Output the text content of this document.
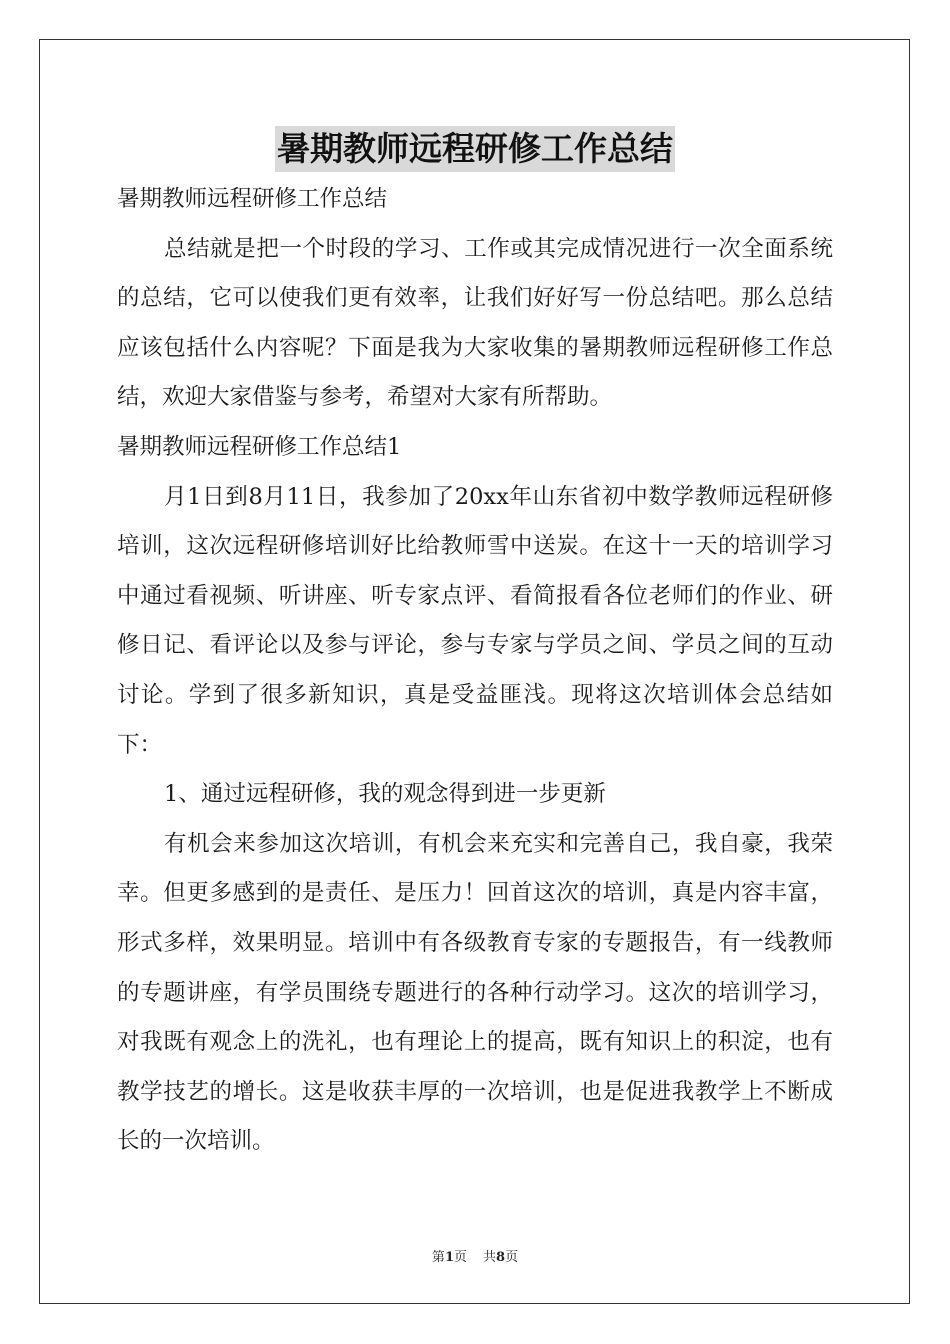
暑期教师远程研修工作总结

暑期教师远程研修工作总结

总结就是把一个时段的学习、工作或其完成情况进行一次全面系统的总结，它可以使我们更有效率，让我们好好写一份总结吧。那么总结应该包括什么内容呢？下面是我为大家收集的暑期教师远程研修工作总结，欢迎大家借鉴与参考，希望对大家有所帮助。

暑期教师远程研修工作总结1

月1日到8月11日，我参加了20xx年山东省初中数学教师远程研修培训，这次远程研修培训好比给教师雪中送炭。在这十一天的培训学习中通过看视频、听讲座、听专家点评、看简报看各位老师们的作业、研修日记、看评论以及参与评论，参与专家与学员之间、学员之间的互动讨论。学到了很多新知识，真是受益匪浅。现将这次培训体会总结如下：

1、通过远程研修，我的观念得到进一步更新

有机会来参加这次培训，有机会来充实和完善自己，我自豪，我荣幸。但更多感到的是责任、是压力！回首这次的培训，真是内容丰富，形式多样，效果明显。培训中有各级教育专家的专题报告，有一线教师的专题讲座，有学员围绕专题进行的各种行动学习。这次的培训学习，对我既有观念上的洗礼，也有理论上的提高，既有知识上的积淀，也有教学技艺的增长。这是收获丰厚的一次培训，也是促进我教学上不断成长的一次培训。

第1页 共8页
